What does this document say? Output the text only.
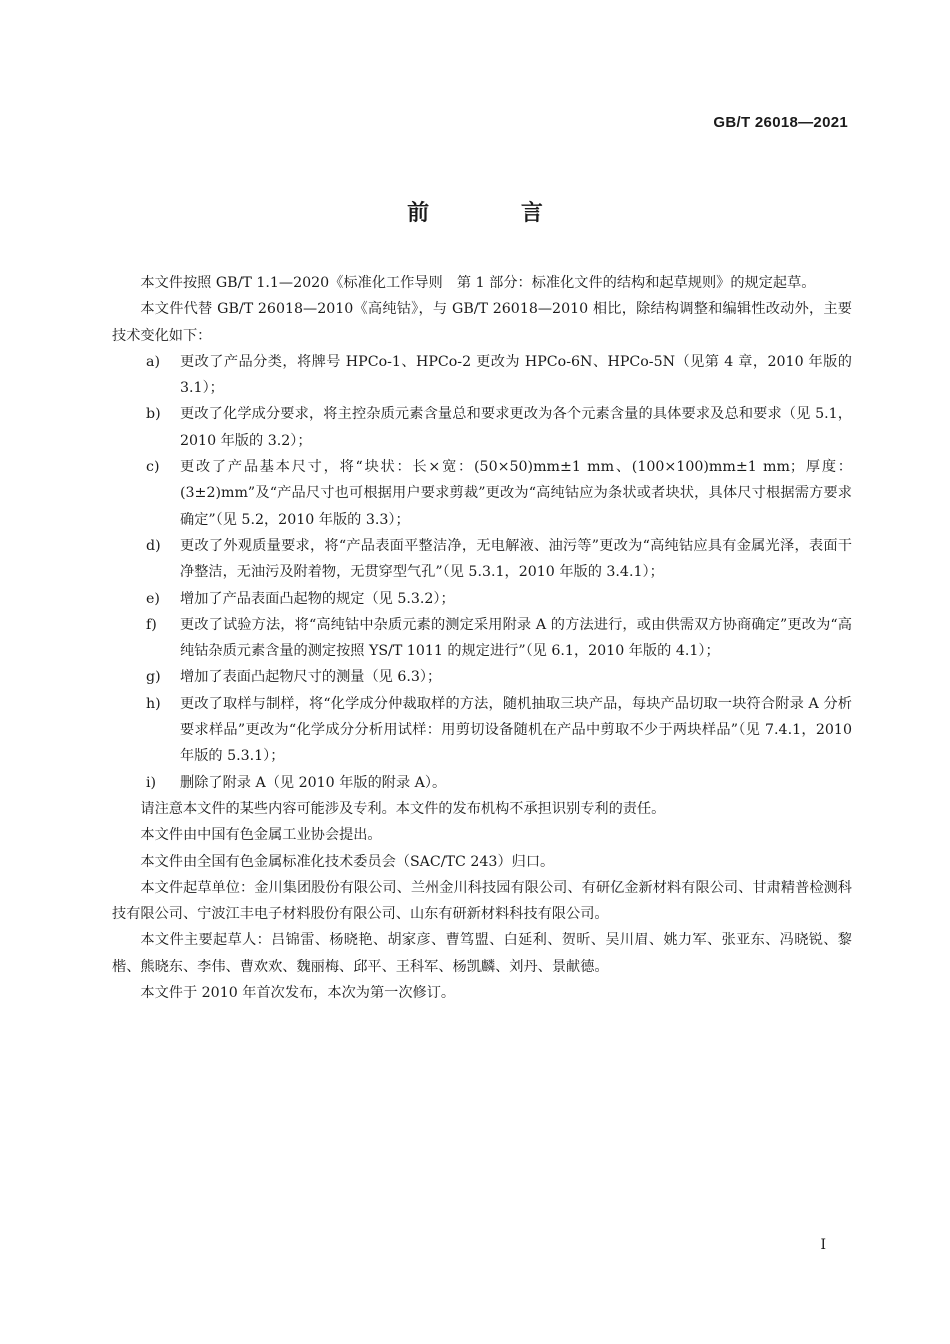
GB/T 26018—2021
前 言

本文件按照 GB/T 1.1—2020《标准化工作导则　第 1 部分：标准化文件的结构和起草规则》的规定起草。

本文件代替 GB/T 26018—2010《高纯钴》，与 GB/T 26018—2010 相比，除结构调整和编辑性改动外，主要技术变化如下：

a)	更改了产品分类，将牌号 HPCo-1、HPCo-2 更改为 HPCo-6N、HPCo-5N（见第 4 章，2010 年版的 3.1）；
b)	更改了化学成分要求，将主控杂质元素含量总和要求更改为各个元素含量的具体要求及总和要求（见 5.1，2010 年版的 3.2）；
c)	更改了产品基本尺寸，将“块状：长×宽：(50×50)mm±1 mm、(100×100)mm±1 mm；厚度：(3±2)mm”及“产品尺寸也可根据用户要求剪裁”更改为“高纯钴应为条状或者块状，具体尺寸根据需方要求确定”（见 5.2，2010 年版的 3.3）；
d)	更改了外观质量要求，将“产品表面平整洁净，无电解液、油污等”更改为“高纯钴应具有金属光泽，表面干净整洁，无油污及附着物，无贯穿型气孔”（见 5.3.1，2010 年版的 3.4.1）；
e)	增加了产品表面凸起物的规定（见 5.3.2）；
f)	更改了试验方法，将“高纯钴中杂质元素的测定采用附录 A 的方法进行，或由供需双方协商确定”更改为“高纯钴杂质元素含量的测定按照 YS/T 1011 的规定进行”（见 6.1，2010 年版的 4.1）；
g)	增加了表面凸起物尺寸的测量（见 6.3）；
h)	更改了取样与制样，将“化学成分仲裁取样的方法，随机抽取三块产品，每块产品切取一块符合附录 A 分析要求样品”更改为“化学成分分析用试样：用剪切设备随机在产品中剪取不少于两块样品”（见 7.4.1，2010 年版的 5.3.1）；
i)	删除了附录 A（见 2010 年版的附录 A）。

请注意本文件的某些内容可能涉及专利。本文件的发布机构不承担识别专利的责任。

本文件由中国有色金属工业协会提出。

本文件由全国有色金属标准化技术委员会（SAC/TC 243）归口。

本文件起草单位：金川集团股份有限公司、兰州金川科技园有限公司、有研亿金新材料有限公司、甘肃精普检测科技有限公司、宁波江丰电子材料股份有限公司、山东有研新材料科技有限公司。

本文件主要起草人：吕锦雷、杨晓艳、胡家彦、曹笃盟、白延利、贺昕、吴川眉、姚力军、张亚东、冯晓锐、黎楷、熊晓东、李伟、曹欢欢、魏丽梅、邱平、王科军、杨凯麟、刘丹、景献德。

本文件于 2010 年首次发布，本次为第一次修订。

I
